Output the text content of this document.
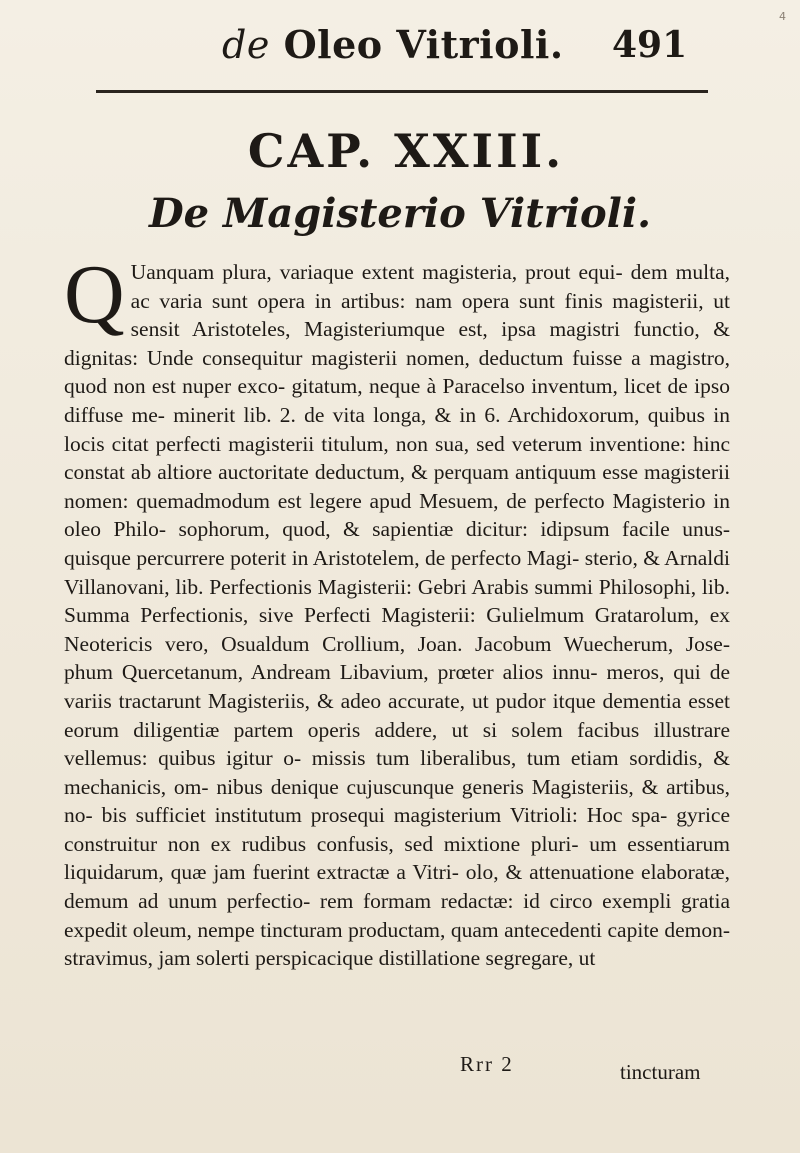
4
de Oleo Vitrioli. 491
CAP. XXIII.
De Magisterio Vitrioli.
Q Uanquam plura, variaque extent magisteria, prout equi- dem multa, ac varia sunt opera in artibus: nam opera sunt finis magisterii, ut sensit Aristoteles, Magisteriumque est, ipsa magistri functio, & dignitas: Unde consequitur magisterii nomen, deductum fuisse a magistro, quod non est nuper exco- gitatum, neque à Paracelso inventum, licet de ipso diffuse me- minerit lib. 2. de vita longa, & in 6. Archidoxorum, quibus in locis citat perfecti magisterii titulum, non sua, sed veterum inventione: hinc constat ab altiore auctoritate deductum, & perquam antiquum esse magisterii nomen: quemadmodum est legere apud Mesuem, de perfecto Magisterio in oleo Philo- sophorum, quod, & sapientiæ dicitur: idipsum facile unus- quisque percurrere poterit in Aristotelem, de perfecto Magi- sterio, & Arnaldi Villanovani, lib. Perfectionis Magisterii: Gebri Arabis summi Philosophi, lib. Summa Perfectionis, sive Perfecti Magisterii: Gulielmum Gratarolum, ex Neotericis vero, Osualdum Crollium, Joan. Jacobum Wuecherum, Jose- phum Quercetanum, Andream Libavium, prœter alios innu- meros, qui de variis tractarunt Magisteriis, & adeo accurate, ut pudor itque dementia esset eorum diligentiæ partem operis addere, ut si solem facibus illustrare vellemus: quibus igitur o- missis tum liberalibus, tum etiam sordidis, & mechanicis, om- nibus denique cujuscunque generis Magisteriis, & artibus, no- bis sufficiet institutum prosequi magisterium Vitrioli: Hoc spa- gyrice construitur non ex rudibus confusis, sed mixtione pluri- um essentiarum liquidarum, quæ jam fuerint extractæ a Vitri- olo, & attenuatione elaboratæ, demum ad unum perfectio- rem formam redactæ: id circo exempli gratia expedit oleum, nempe tincturam productam, quam antecedenti capite demon- stravimus, jam solerti perspicacique distillatione segregare, ut
Rrr 2	tincturam
